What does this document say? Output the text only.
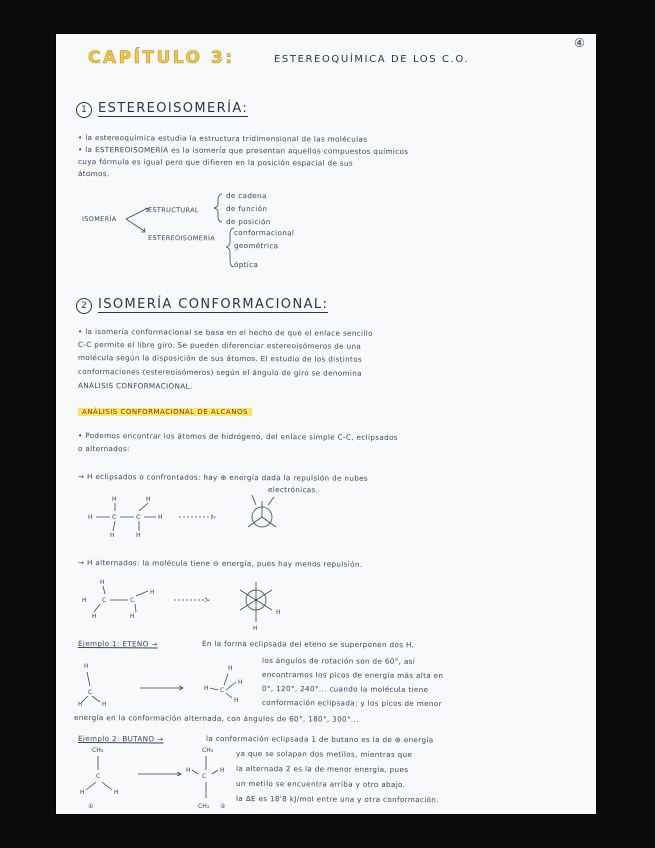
④
CAPÍTULO 3:	ESTEREOQUÍMICA DE LOS C.O.
1 ESTEREOISOMERÍA:
• la estereoquímica estudia la estructura tridimensional de las moléculas
• la ESTEREOISOMERÍA es la isomería que presentan aquellos compuestos químicos
cuya fórmula es igual pero que difieren en la posición espacial de sus
átomos.
ISOMERÍA
ESTRUCTURAL
de cadena
de función
de posición
ESTEREOISOMERÍA
conformacional
geométrica
óptica
2 ISOMERÍA CONFORMACIONAL:
• la isomería conformacional se basa en el hecho de que el enlace sencillo
C-C permite el libre giro. Se pueden diferenciar estereoisómeros de una
molécula según la disposición de sus átomos. El estudio de los distintos
conformaciones (estereoisómeros) según el ángulo de giro se denomina
ANÁLISIS CONFORMACIONAL.
ANÁLISIS CONFORMACIONAL DE ALCANOS
• Podemos encontrar los átomos de hidrógeno, del enlace simple C-C, eclipsados
o alternados:
→ H eclipsados o confrontados: hay ⊕ energía dada la repulsión de nubes
electrónicas.
H	H
H	C	C	H
H	H
→ H alternados: la molécula tiene ⊖ energía, pues hay menos repulsión.
H
H	C	C
H
H	H
H
H
Ejemplo 1: ETENO →	En la forma eclipsada del eteno se superponen dos H,
los ángulos de rotación son de 60°, así
encontramos los picos de energía más alta en
0°, 120°, 240°... cuando la molécula tiene
conformación eclipsada; y los picos de menor
energía en la conformación alternada, con ángulos de 60°, 180°, 300°...
H
C
H	H
H
H C
H
H
Ejemplo 2: BUTANO →	la conformación eclipsada 1 de butano es la de ⊕ energía
ya que se solapan dos metilos, mientras que
la alternada 2 es la de menor energía, pues
un metilo se encuentra arriba y otro abajo.
la ΔE es 18'8 kJ/mol entre una y otra conformación.
CH₃
C
H	H
①
CH₃
H
C
H
CH₃ ②
